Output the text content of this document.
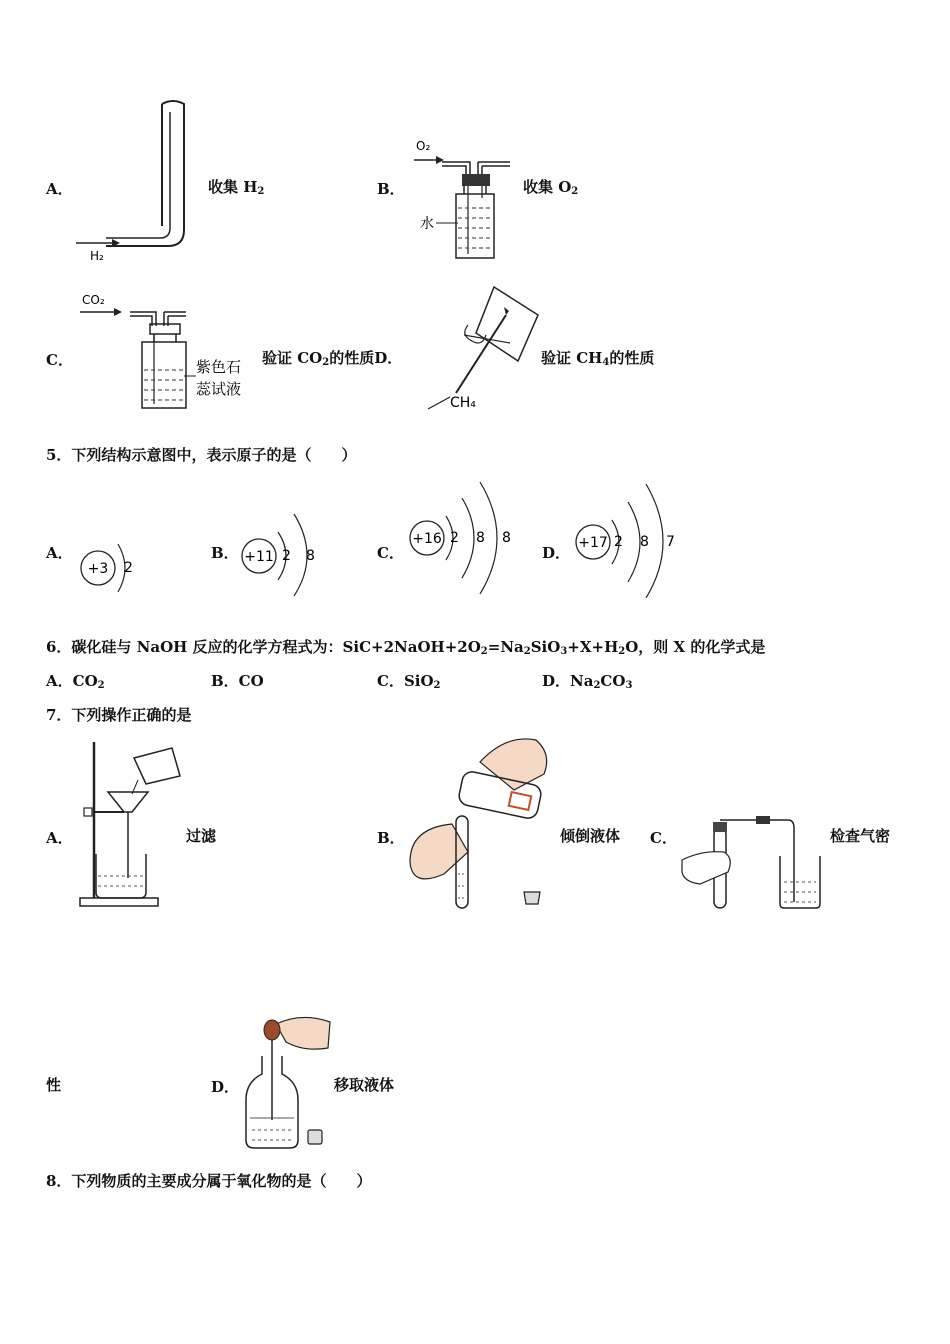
A．
H₂
收集 $H_2$	B．
O₂
水
收集 $O_2$
C．
CO₂
紫色石
蕊试液
验证 $CO_2$的性质D．
CH₄
验证 $CH_4$的性质
5．下列结构示意图中，表示原子的是（　　）
A．
+3 2
B． +11 2 8	C．
+16 2 8 8
D．
+17 2 8 7
6．碳化硅与 NaOH 反应的化学方程式为：$SiC+2NaOH+2O_2=Na_2SiO_3+X+H_2O$，则 X 的化学式是
A．$CO_2$	B．CO	C．SiO$_2$	D．$Na_2CO_3$
7．下列操作正确的是
A．	过滤	B．	倾倒液体 C．	检查气密
性	D．	移取液体
8．下列物质的主要成分属于氧化物的是（　　）
